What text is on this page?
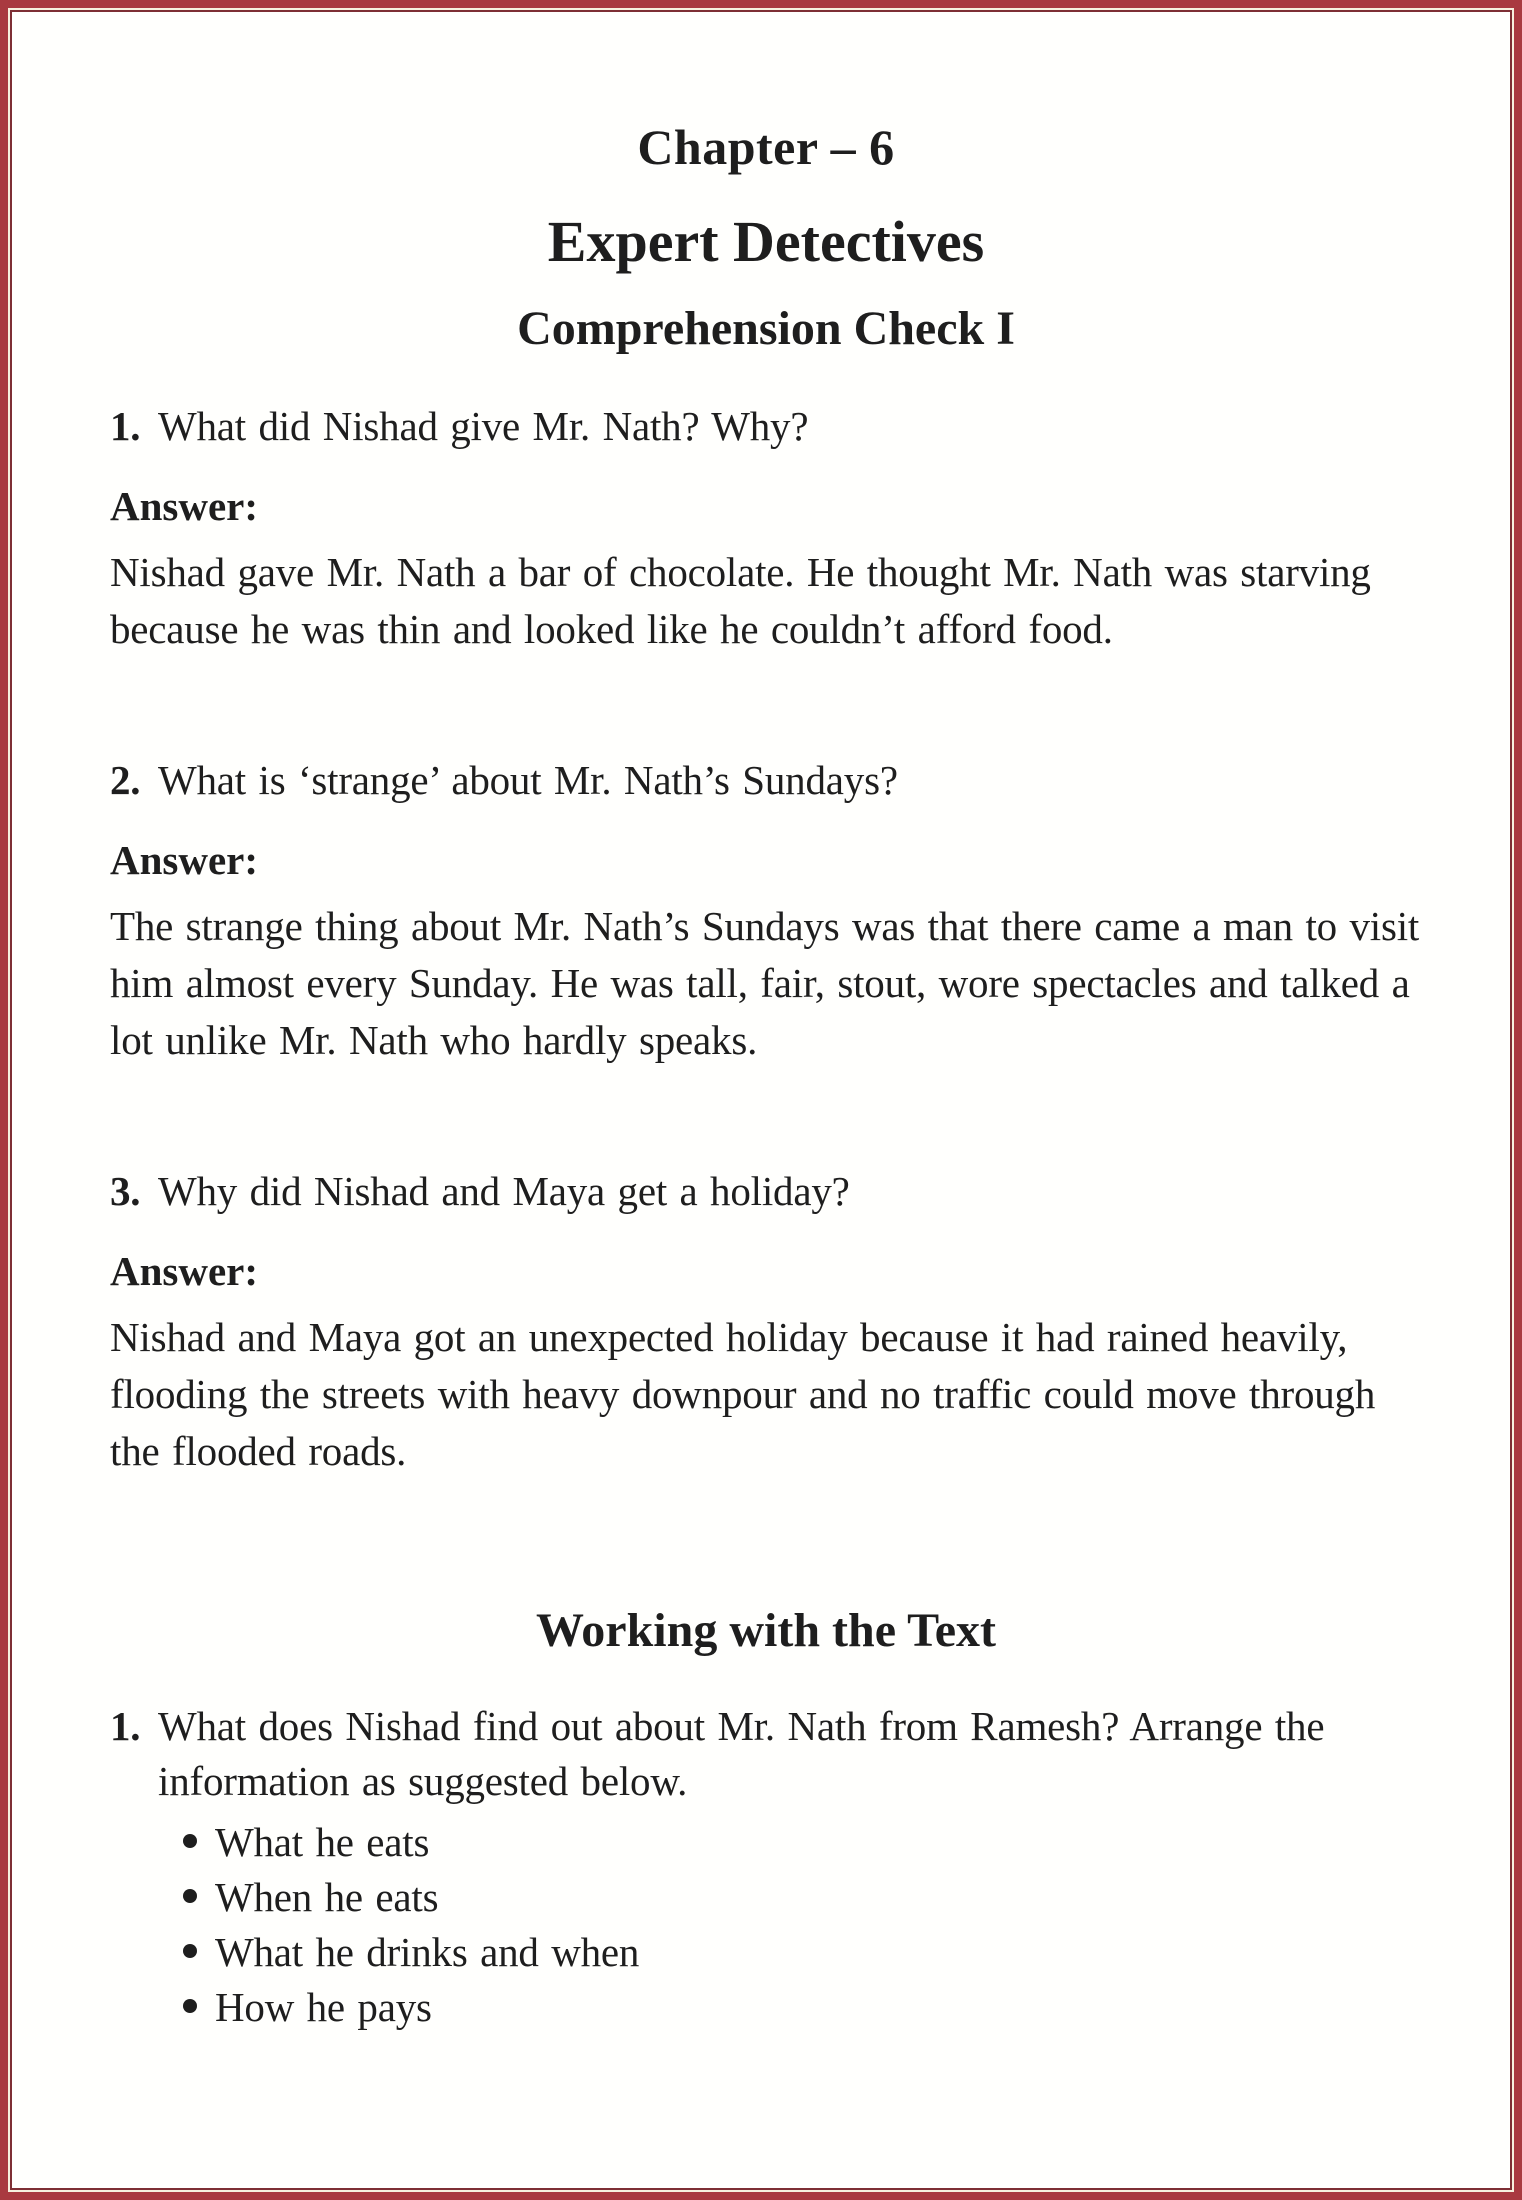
Chapter – 6
Expert Detectives
Comprehension Check I
1. What did Nishad give Mr. Nath? Why?
Answer:

Nishad gave Mr. Nath a bar of chocolate. He thought Mr. Nath was starving because he was thin and looked like he couldn’t afford food.

2. What is ‘strange’ about Mr. Nath’s Sundays?
Answer:

The strange thing about Mr. Nath’s Sundays was that there came a man to visit him almost every Sunday. He was tall, fair, stout, wore spectacles and talked a lot unlike Mr. Nath who hardly speaks.

3. Why did Nishad and Maya get a holiday?
Answer:

Nishad and Maya got an unexpected holiday because it had rained heavily, flooding the streets with heavy downpour and no traffic could move through the flooded roads.

Working with the Text
1. What does Nishad find out about Mr. Nath from Ramesh? Arrange the information as suggested below.
What he eats
When he eats
What he drinks and when
How he pays
